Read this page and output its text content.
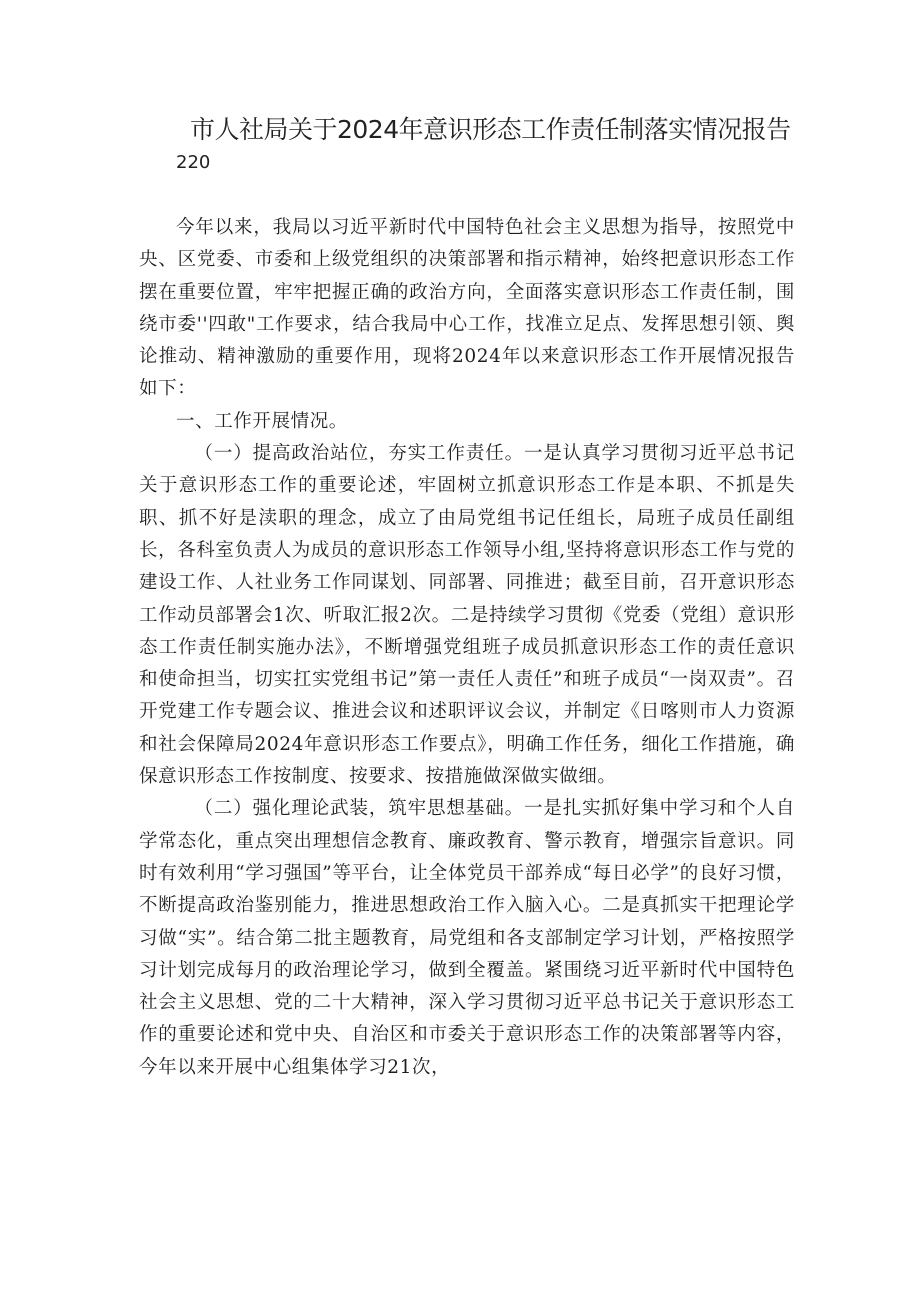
市人社局关于2024年意识形态工作责任制落实情况报告
220

今年以来，我局以习近平新时代中国特色社会主义思想为指导，按照党中央、区党委、市委和上级党组织的决策部署和指示精神，始终把意识形态工作摆在重要位置，牢牢把握正确的政治方向，全面落实意识形态工作责任制，围绕市委''四敢"工作要求，结合我局中心工作，找准立足点、发挥思想引领、舆论推动、精神激励的重要作用，现将2024年以来意识形态工作开展情况报告如下：

一、工作开展情况。

（一）提高政治站位，夯实工作责任。一是认真学习贯彻习近平总书记关于意识形态工作的重要论述，牢固树立抓意识形态工作是本职、不抓是失职、抓不好是渎职的理念，成立了由局党组书记任组长，局班子成员任副组长，各科室负责人为成员的意识形态工作领导小组,坚持将意识形态工作与党的建设工作、人社业务工作同谋划、同部署、同推进；截至目前，召开意识形态工作动员部署会1次、听取汇报2次。二是持续学习贯彻《党委（党组）意识形态工作责任制实施办法》，不断增强党组班子成员抓意识形态工作的责任意识和使命担当，切实扛实党组书记”第一责任人责任”和班子成员“一岗双责”。召开党建工作专题会议、推进会议和述职评议会议，并制定《日喀则市人力资源和社会保障局2024年意识形态工作要点》，明确工作任务，细化工作措施，确保意识形态工作按制度、按要求、按措施做深做实做细。

（二）强化理论武装，筑牢思想基础。一是扎实抓好集中学习和个人自学常态化，重点突出理想信念教育、廉政教育、警示教育，增强宗旨意识。同时有效利用“学习强国”等平台，让全体党员干部养成“每日必学”的良好习惯，不断提高政治鉴别能力，推进思想政治工作入脑入心。二是真抓实干把理论学习做“实”。结合第二批主题教育，局党组和各支部制定学习计划，严格按照学习计划完成每月的政治理论学习，做到全覆盖。紧围绕习近平新时代中国特色社会主义思想、党的二十大精神，深入学习贯彻习近平总书记关于意识形态工作的重要论述和党中央、自治区和市委关于意识形态工作的决策部署等内容，今年以来开展中心组集体学习21次，
